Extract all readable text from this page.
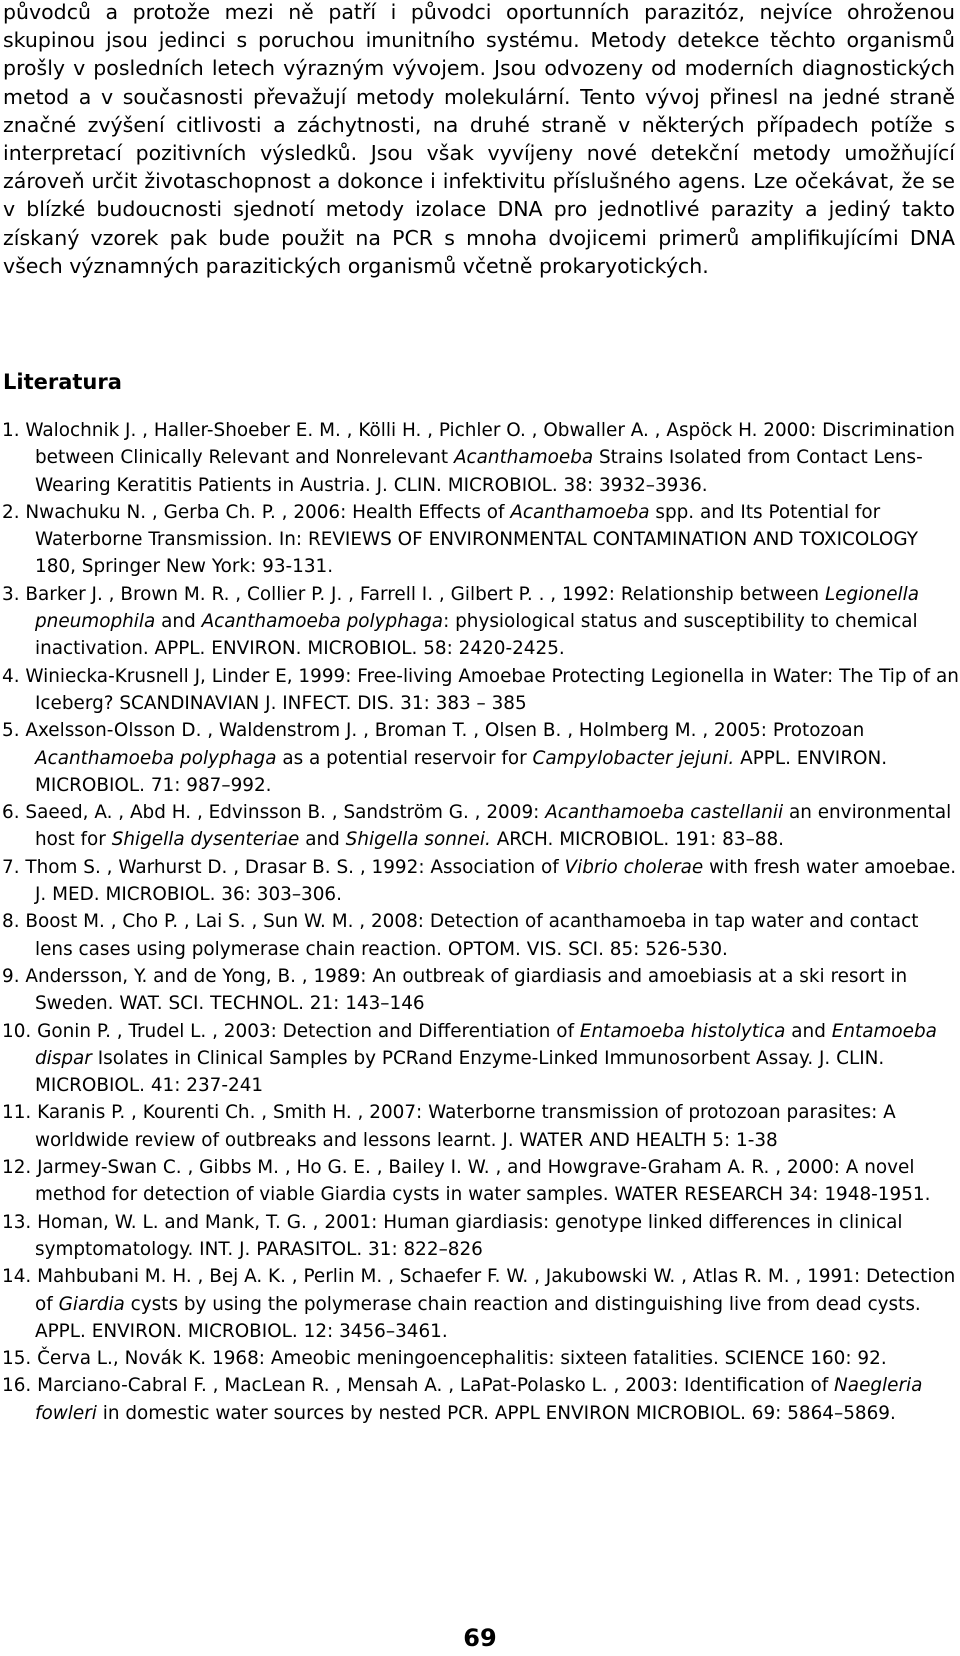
původců a protože mezi ně patří i původci oportunních parazitóz, nejvíce ohroženou skupinou jsou jedinci s poruchou imunitního systému. Metody detekce těchto organismů prošly v posledních letech výrazným vývojem. Jsou odvozeny od moderních diagnostických metod a v současnosti převažují metody molekulární. Tento vývoj přinesl na jedné straně značné zvýšení citlivosti a záchytnosti, na druhé straně v některých případech potíže s interpretací pozitivních výsledků. Jsou však vyvíjeny nové detekční metody umožňující zároveň určit životaschopnost a dokonce i infektivitu příslušného agens. Lze očekávat, že se v blízké budoucnosti sjednotí metody izolace DNA pro jednotlivé parazity a jediný takto získaný vzorek pak bude použit na PCR s mnoha dvojicemi primerů amplifikujícími DNA všech významných parazitických organismů včetně prokaryotických.

Literatura
1. Walochnik J. , Haller-Shoeber E. M. , Kölli H. , Pichler O. , Obwaller A. , Aspöck H. 2000: Discrimination between Clinically Relevant and Nonrelevant Acanthamoeba Strains Isolated from Contact Lens-Wearing Keratitis Patients in Austria. J. CLIN. MICROBIOL. 38: 3932–3936.
2. Nwachuku N. , Gerba Ch. P. , 2006: Health Effects of Acanthamoeba spp. and Its Potential for Waterborne Transmission. In: REVIEWS OF ENVIRONMENTAL CONTAMINATION AND TOXICOLOGY 180, Springer New York: 93-131.
3. Barker J. , Brown M. R. , Collier P. J. , Farrell I. , Gilbert P. . , 1992: Relationship between Legionella pneumophila and Acanthamoeba polyphaga: physiological status and susceptibility to chemical inactivation. APPL. ENVIRON. MICROBIOL. 58: 2420-2425.
4. Winiecka-Krusnell J, Linder E, 1999: Free-living Amoebae Protecting Legionella in Water: The Tip of an Iceberg? SCANDINAVIAN J. INFECT. DIS. 31: 383 – 385
5. Axelsson-Olsson D. , Waldenstrom J. , Broman T. , Olsen B. , Holmberg M. , 2005: Protozoan Acanthamoeba polyphaga as a potential reservoir for Campylobacter jejuni. APPL. ENVIRON. MICROBIOL. 71: 987–992.
6. Saeed, A. , Abd H. , Edvinsson B. , Sandström G. , 2009: Acanthamoeba castellanii an environmental host for Shigella dysenteriae and Shigella sonnei. ARCH. MICROBIOL. 191: 83–88.
7. Thom S. , Warhurst D. , Drasar B. S. , 1992: Association of Vibrio cholerae with fresh water amoebae. J. MED. MICROBIOL. 36: 303–306.
8. Boost M. , Cho P. , Lai S. , Sun W. M. , 2008: Detection of acanthamoeba in tap water and contact lens cases using polymerase chain reaction. OPTOM. VIS. SCI. 85: 526-530.
9. Andersson, Y. and de Yong, B. , 1989: An outbreak of giardiasis and amoebiasis at a ski resort in Sweden. WAT. SCI. TECHNOL. 21: 143–146
10. Gonin P. , Trudel L. , 2003: Detection and Differentiation of Entamoeba histolytica and Entamoeba dispar Isolates in Clinical Samples by PCRand Enzyme-Linked Immunosorbent Assay. J. CLIN. MICROBIOL. 41: 237-241
11. Karanis P. , Kourenti Ch. , Smith H. , 2007: Waterborne transmission of protozoan parasites: A worldwide review of outbreaks and lessons learnt. J. WATER AND HEALTH 5: 1-38
12. Jarmey-Swan C. , Gibbs M. , Ho G. E. , Bailey I. W. , and Howgrave-Graham A. R. , 2000: A novel method for detection of viable Giardia cysts in water samples. WATER RESEARCH 34: 1948-1951.
13. Homan, W. L. and Mank, T. G. , 2001: Human giardiasis: genotype linked differences in clinical symptomatology. INT. J. PARASITOL. 31: 822–826
14. Mahbubani M. H. , Bej A. K. , Perlin M. , Schaefer F. W. , Jakubowski W. , Atlas R. M. , 1991: Detection of Giardia cysts by using the polymerase chain reaction and distinguishing live from dead cysts. APPL. ENVIRON. MICROBIOL. 12: 3456–3461.
15. Červa L., Novák K. 1968: Ameobic meningoencephalitis: sixteen fatalities. SCIENCE 160: 92.
16. Marciano-Cabral F. , MacLean R. , Mensah A. , LaPat-Polasko L. , 2003: Identification of Naegleria fowleri in domestic water sources by nested PCR. APPL ENVIRON MICROBIOL. 69: 5864–5869.
69
